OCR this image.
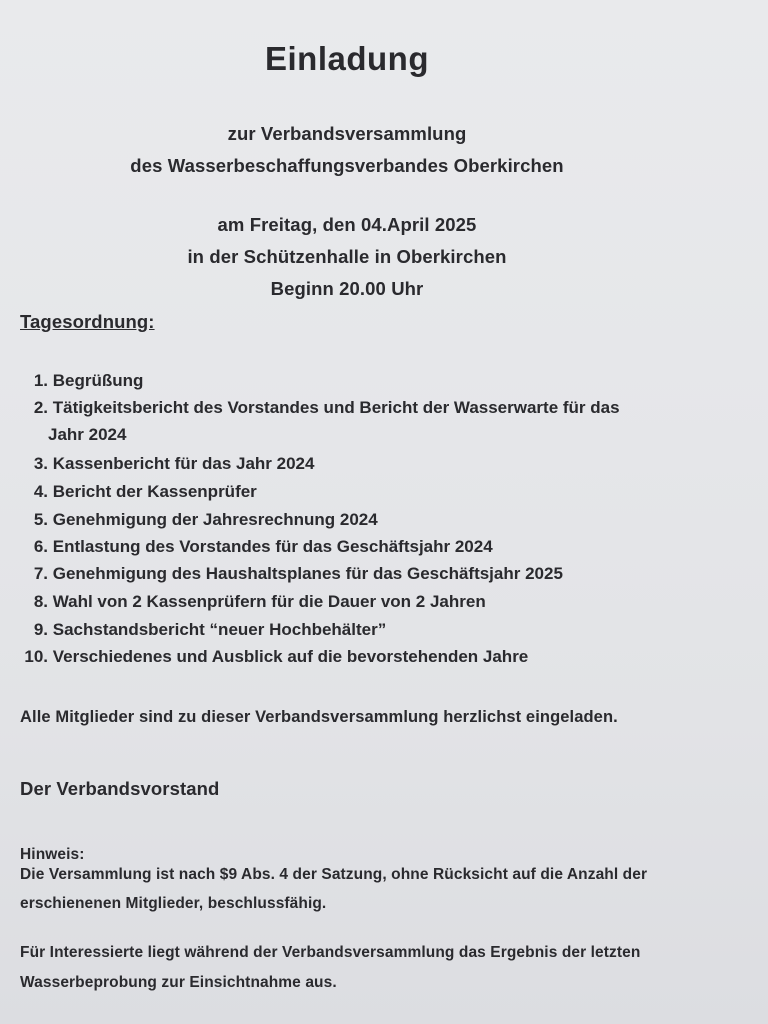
Einladung
zur Verbandsversammlung
des Wasserbeschaffungsverbandes Oberkirchen
am Freitag, den 04.April 2025
in der Schützenhalle in Oberkirchen
Beginn 20.00 Uhr
Tagesordnung:
1. Begrüßung
2. Tätigkeitsbericht des Vorstandes und Bericht der Wasserwarte für das
Jahr 2024
3. Kassenbericht für das Jahr 2024
4. Bericht der Kassenprüfer
5. Genehmigung der Jahresrechnung 2024
6. Entlastung des Vorstandes für das Geschäftsjahr 2024
7. Genehmigung des Haushaltsplanes für das Geschäftsjahr 2025
8. Wahl von 2 Kassenprüfern für die Dauer von 2 Jahren
9. Sachstandsbericht “neuer Hochbehälter”
10. Verschiedenes und Ausblick auf die bevorstehenden Jahre
Alle Mitglieder sind zu dieser Verbandsversammlung herzlichst eingeladen.
Der Verbandsvorstand
Hinweis:
Die Versammlung ist nach $9 Abs. 4 der Satzung, ohne Rücksicht auf die Anzahl der
erschienenen Mitglieder, beschlussfähig.
Für Interessierte liegt während der Verbandsversammlung das Ergebnis der letzten
Wasserbeprobung zur Einsichtnahme aus.
